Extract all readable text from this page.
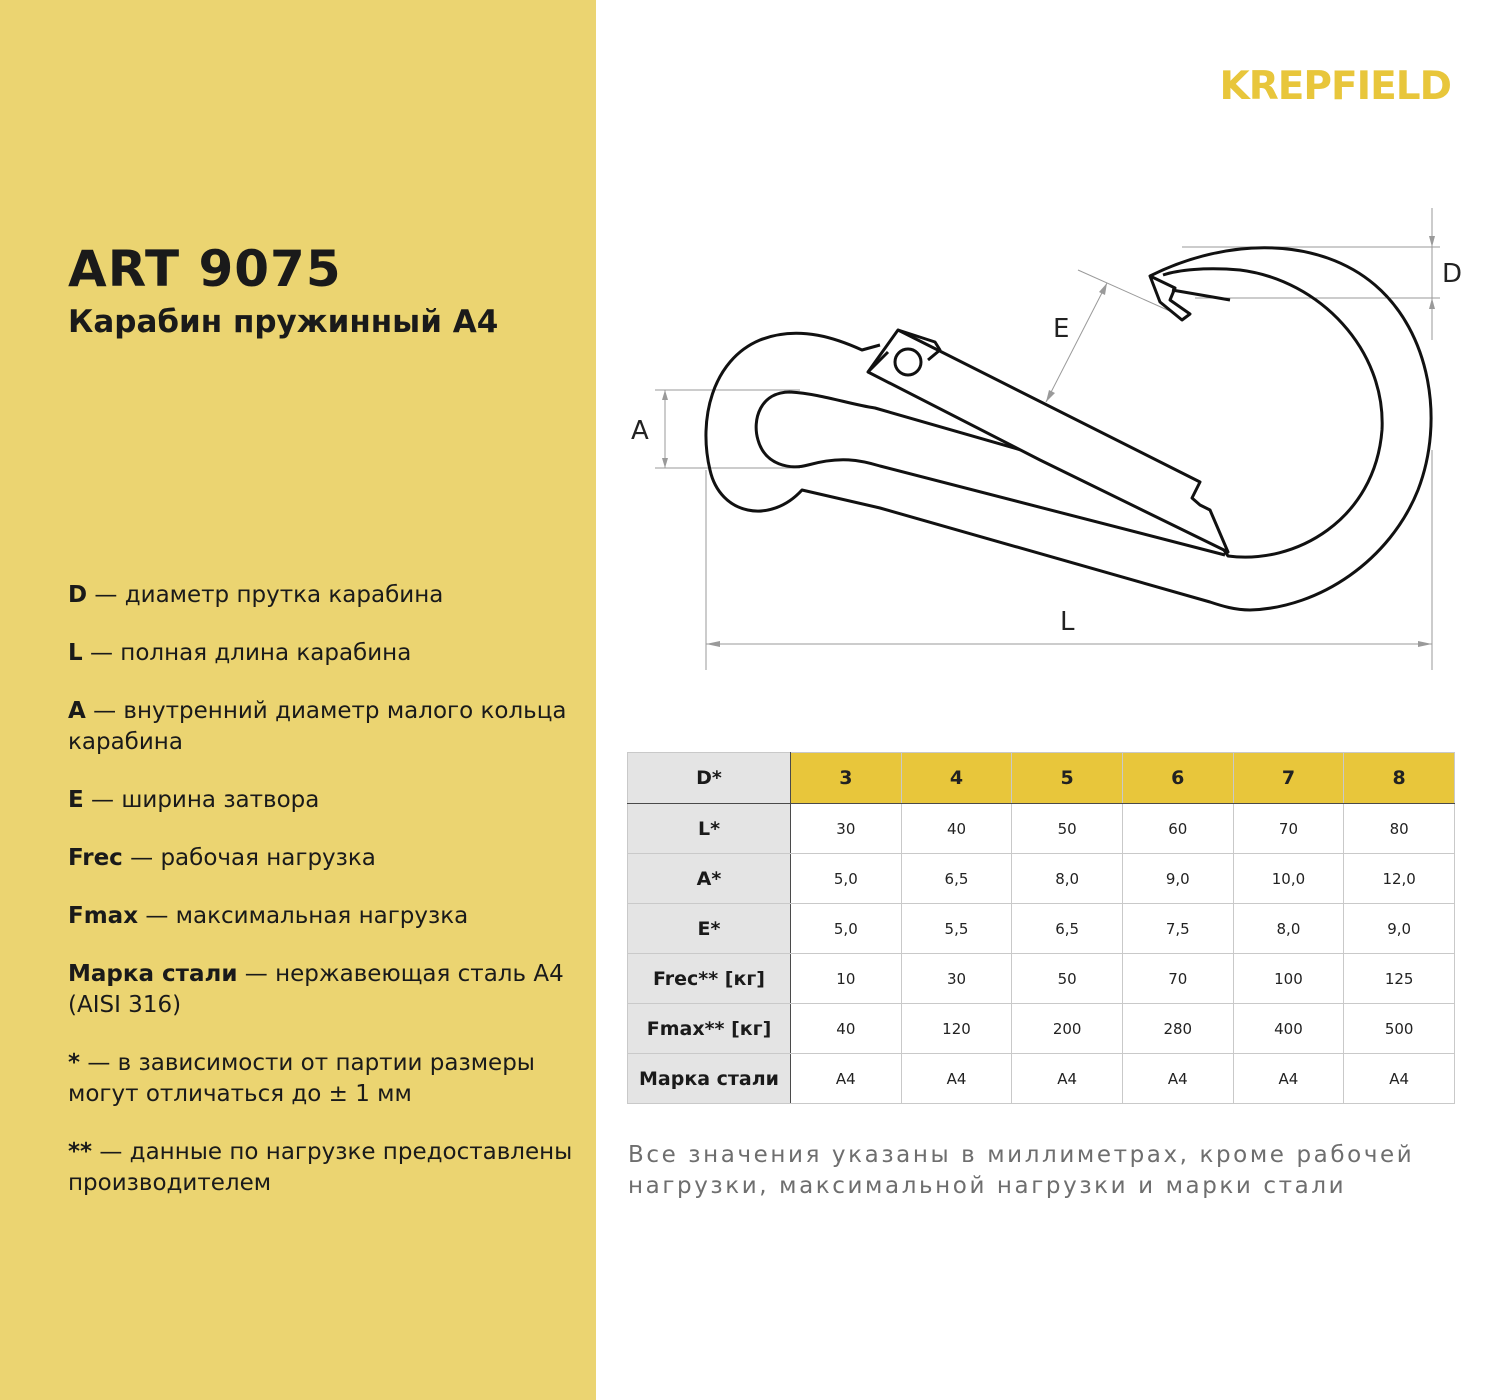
KREPFIELD
ART 9075
Карабин пружинный А4
D — диаметр прутка карабина
L — полная длина карабина
A — внутренний диаметр малого кольца карабина
E — ширина затвора
Frec — рабочая нагрузка
Fmax — максимальная нагрузка
Марка стали — нержавеющая сталь А4 (AISI 316)
* — в зависимости от партии размеры могут отличаться до ± 1 мм
** — данные по нагрузке предоставлены производителем
D
E
A
L
D*	3	4	5	6	7	8
L*	30	40	50	60	70	80
A*	5,0	6,5	8,0	9,0	10,0	12,0
E*	5,0	5,5	6,5	7,5	8,0	9,0
Frec** [кг]	10	30	50	70	100	125
Fmax** [кг]	40	120	200	280	400	500
Марка стали	A4	A4	A4	A4	A4	A4
Все значения указаны в миллиметрах, кроме рабочей нагрузки, максимальной нагрузки и марки стали
